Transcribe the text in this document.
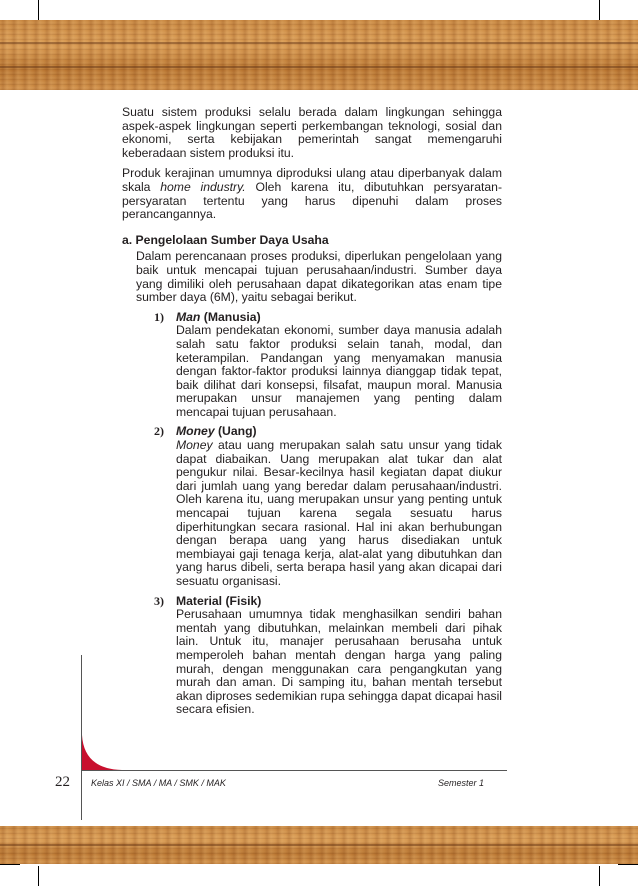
Suatu sistem produksi selalu berada dalam lingkungan sehingga aspek-aspek lingkungan seperti perkembangan teknologi, sosial dan ekonomi, serta kebijakan pemerintah sangat memengaruhi keberadaan sistem produksi itu.

Produk kerajinan umumnya diproduksi ulang atau diperbanyak dalam skala home industry. Oleh karena itu, dibutuhkan persyaratan-persyaratan tertentu yang harus dipenuhi dalam proses perancangannya.

a. Pengelolaan Sumber Daya Usaha

Dalam perencanaan proses produksi, diperlukan pengelolaan yang baik untuk mencapai tujuan perusahaan/industri. Sumber daya yang dimiliki oleh perusahaan dapat dikategorikan atas enam tipe sumber daya (6M), yaitu sebagai berikut.

1) Man (Manusia)

Dalam pendekatan ekonomi, sumber daya manusia adalah salah satu faktor produksi selain tanah, modal, dan keterampilan. Pandangan yang menyamakan manusia dengan faktor-faktor produksi lainnya dianggap tidak tepat, baik dilihat dari konsepsi, filsafat, maupun moral. Manusia merupakan unsur manajemen yang penting dalam mencapai tujuan perusahaan.

2) Money (Uang)

Money atau uang merupakan salah satu unsur yang tidak dapat diabaikan. Uang merupakan alat tukar dan alat pengukur nilai. Besar-kecilnya hasil kegiatan dapat diukur dari jumlah uang yang beredar dalam perusahaan/industri. Oleh karena itu, uang merupakan unsur yang penting untuk mencapai tujuan karena segala sesuatu harus diperhitungkan secara rasional. Hal ini akan berhubungan dengan berapa uang yang harus disediakan untuk membiayai gaji tenaga kerja, alat-alat yang dibutuhkan dan yang harus dibeli, serta berapa hasil yang akan dicapai dari sesuatu organisasi.

3) Material (Fisik)

Perusahaan umumnya tidak menghasilkan sendiri bahan mentah yang dibutuhkan, melainkan membeli dari pihak lain. Untuk itu, manajer perusahaan berusaha untuk memperoleh bahan mentah dengan harga yang paling murah, dengan menggunakan cara pengangkutan yang murah dan aman. Di samping itu, bahan mentah tersebut akan diproses sedemikian rupa sehingga dapat dicapai hasil secara efisien.

22 Kelas XI / SMA / MA / SMK / MAK	Semester 1
